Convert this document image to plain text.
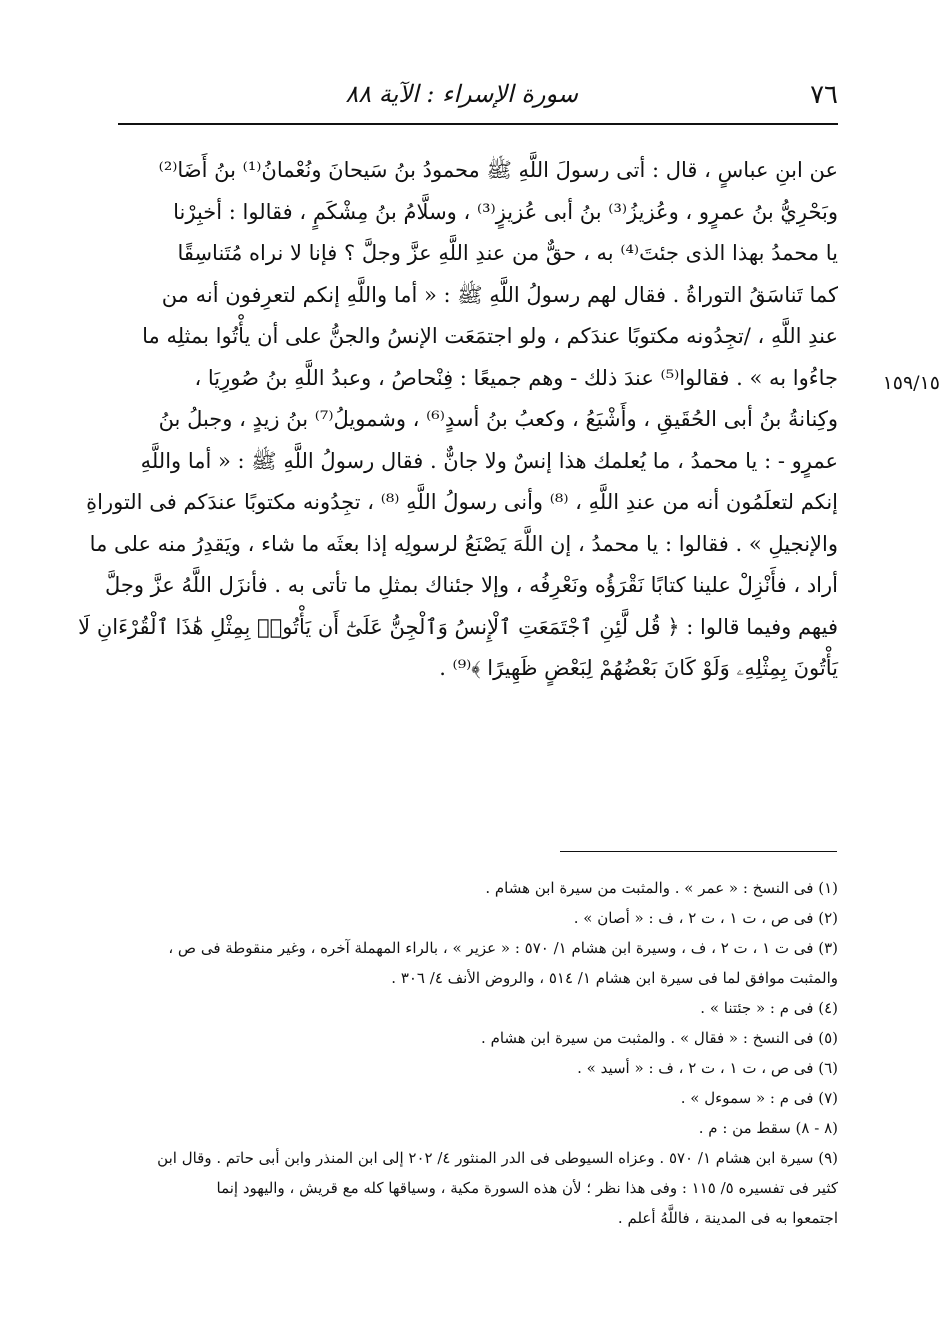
٧٦
سورة الإسراء : الآية ٨٨
١٥٩/١٥
عن ابنِ عباسٍ ، قال : أتى رسولَ اللَّهِ ﷺ محمودُ بنُ سَيحانَ ونُعْمانُ⁽¹⁾ بنُ أَضَا⁽²⁾
وبَحْرِيُّ بنُ عمرٍو ، وعُزيزُ⁽³⁾ بنُ أبى عُزيزٍ⁽³⁾ ، وسلَّامُ بنُ مِشْكَمٍ ، فقالوا : أخبِرْنا
يا محمدُ بهذا الذى جئتَ⁽⁴⁾ به ، حقٌّ من عندِ اللَّهِ عزَّ وجلَّ ؟ فإنا لا نراه مُتَناسِقًا
كما تَناسَقُ التوراةُ . فقال لهم رسولُ اللَّهِ ﷺ : « أما واللَّهِ إنكم لتعرِفون أنه من
عندِ اللَّهِ ، /تجِدُونه مكتوبًا عندَكم ، ولو اجتمَعَت الإنسُ والجنُّ على أن يأْتُوا بمثلِه ما
جاءُوا به » . فقالوا⁽⁵⁾ عندَ ذلك - وهم جميعًا : فِنْحاصُ ، وعبدُ اللَّهِ بنُ صُورِيَا ،
وكِنانةُ بنُ أبى الحُقَيقِ ، وأَشْيَعُ ، وكعبُ بنُ أسدٍ⁽⁶⁾ ، وشمويلُ⁽⁷⁾ بنُ زيدٍ ، وجبلُ بنُ
عمرٍو - : يا محمدُ ، ما يُعلمك هذا إنسٌ ولا جانٌّ . فقال رسولُ اللَّهِ ﷺ : « أما واللَّهِ
إنكم لتعلَمُون أنه من عندِ اللَّهِ ، ⁽⁸⁾ وأنى رسولُ اللَّهِ ⁽⁸⁾ ، تجِدُونه مكتوبًا عندَكم فى التوراةِ
والإنجيلِ » . فقالوا : يا محمدُ ، إن اللَّهَ يَصْنَعُ لرسولِه إذا بعثَه ما شاء ، ويَقدِرُ منه على ما
أراد ، فأَنْزِلْ علينا كتابًا نَقْرَؤُه ونَعْرِفُه ، وإلا جئناك بمثلِ ما تأتى به . فأنزَل اللَّهُ عزَّ وجلَّ
فيهم وفيما قالوا : ﴿ قُل لَّئِنِ ٱجْتَمَعَتِ ٱلْإِنسُ وَٱلْجِنُّ عَلَىٰٓ أَن يَأْتُوا۟ بِمِثْلِ هَٰذَا ٱلْقُرْءَانِ لَا
يَأْتُونَ بِمِثْلِهِۦ وَلَوْ كَانَ بَعْضُهُمْ لِبَعْضٍ ظَهِيرًا ﴾⁽⁹⁾ .
(١) فى النسخ : « عمر » . والمثبت من سيرة ابن هشام .
(٢) فى ص ، ت ١ ، ت ٢ ، ف : « أصان » .
(٣) فى ت ١ ، ت ٢ ، ف ، وسيرة ابن هشام ١/ ٥٧٠ : « عزير » ، بالراء المهملة آخره ، وغير منقوطة فى ص ،
والمثبت موافق لما فى سيرة ابن هشام ١/ ٥١٤ ، والروض الأنف ٤/ ٣٠٦ .
(٤) فى م : « جئتنا » .
(٥) فى النسخ : « فقال » . والمثبت من سيرة ابن هشام .
(٦) فى ص ، ت ١ ، ت ٢ ، ف : « أسيد » .
(٧) فى م : « سموءل » .
(٨ - ٨) سقط من : م .
(٩) سيرة ابن هشام ١/ ٥٧٠ . وعزاه السيوطى فى الدر المنثور ٤/ ٢٠٢ إلى ابن المنذر وابن أبى حاتم . وقال ابن
كثير فى تفسيره ٥/ ١١٥ : وفى هذا نظر ؛ لأن هذه السورة مكية ، وسياقها كله مع قريش ، واليهود إنما
اجتمعوا به فى المدينة ، فاللَّهُ أعلم .
